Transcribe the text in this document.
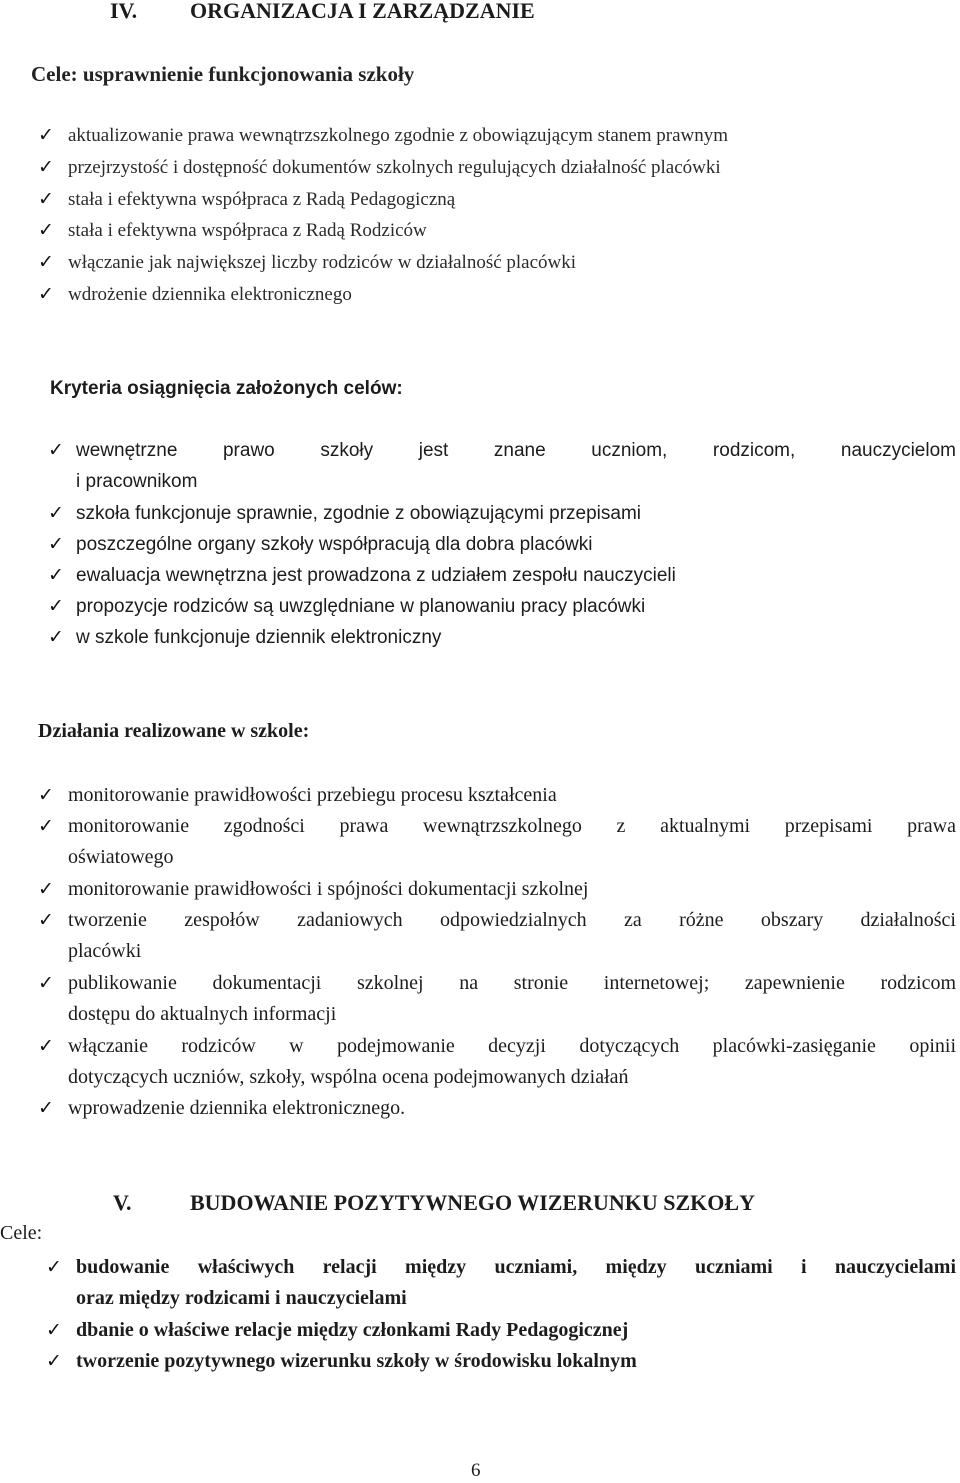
IV. ORGANIZACJA I ZARZĄDZANIE
Cele: usprawnienie funkcjonowania szkoły
✓ aktualizowanie prawa wewnątrzszkolnego zgodnie z obowiązującym stanem prawnym
✓ przejrzystość i dostępność dokumentów szkolnych regulujących działalność placówki
✓ stała i efektywna współpraca z Radą Pedagogiczną
✓ stała i efektywna współpraca z Radą Rodziców
✓ włączanie jak największej liczby rodziców w działalność placówki
✓ wdrożenie dziennika elektronicznego
Kryteria osiągnięcia założonych celów:
✓ wewnętrzne prawo szkoły jest znane uczniom, rodzicom, nauczycielom
i pracownikom
✓ szkoła funkcjonuje sprawnie, zgodnie z obowiązującymi przepisami
✓ poszczególne organy szkoły współpracują dla dobra placówki
✓ ewaluacja wewnętrzna jest prowadzona z udziałem zespołu nauczycieli
✓ propozycje rodziców są uwzględniane w planowaniu pracy placówki
✓ w szkole funkcjonuje dziennik elektroniczny
Działania realizowane w szkole:
✓ monitorowanie prawidłowości przebiegu procesu kształcenia
✓ monitorowanie zgodności prawa wewnątrzszkolnego z aktualnymi przepisami prawa
oświatowego
✓ monitorowanie prawidłowości i spójności dokumentacji szkolnej
✓ tworzenie zespołów zadaniowych odpowiedzialnych za różne obszary działalności
placówki
✓ publikowanie dokumentacji szkolnej na stronie internetowej; zapewnienie rodzicom
dostępu do aktualnych informacji
✓ włączanie rodziców w podejmowanie decyzji dotyczących placówki-zasięganie opinii
dotyczących uczniów, szkoły, wspólna ocena podejmowanych działań
✓ wprowadzenie dziennika elektronicznego.
V.	BUDOWANIE POZYTYWNEGO WIZERUNKU SZKOŁY
Cele:
✓ budowanie właściwych relacji między uczniami, między uczniami i nauczycielami
oraz między rodzicami i nauczycielami
✓ dbanie o właściwe relacje między członkami Rady Pedagogicznej
✓ tworzenie pozytywnego wizerunku szkoły w środowisku lokalnym
6
